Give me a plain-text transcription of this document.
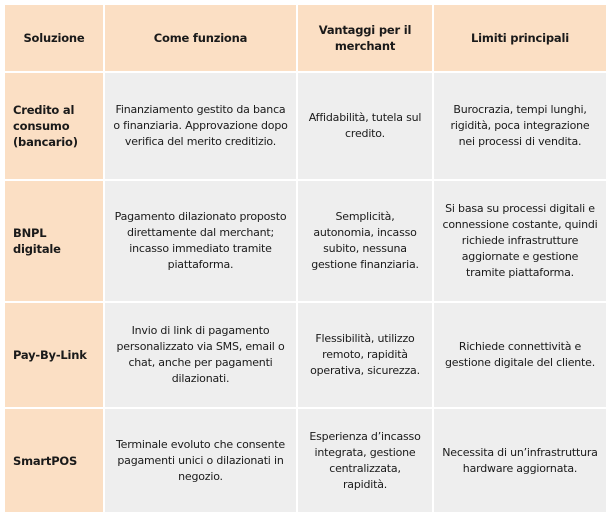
Soluzione	Come funziona
Vantaggi per il merchant
Limiti principali
Credito al consumo (bancario)
Finanziamento gestito da banca o finanziaria. Approvazione dopo verifica del merito creditizio.
Affidabilità, tutela sul credito.
Burocrazia, tempi lunghi, rigidità, poca integrazione nei processi di vendita.
BNPL digitale
Pagamento dilazionato proposto direttamente dal merchant; incasso immediato tramite piattaforma.
Semplicità, autonomia, incasso subito, nessuna gestione finanziaria.
Si basa su processi digitali e connessione costante, quindi richiede infrastrutture aggiornate e gestione tramite piattaforma.
Pay-By-Link
Invio di link di pagamento personalizzato via SMS, email o chat, anche per pagamenti dilazionati.
Flessibilità, utilizzo remoto, rapidità operativa, sicurezza.
Richiede connettività e gestione digitale del cliente.
SmartPOS
Terminale evoluto che consente pagamenti unici o dilazionati in negozio.
Esperienza d’incasso integrata, gestione centralizzata, rapidità.
Necessita di un’infrastruttura hardware aggiornata.
